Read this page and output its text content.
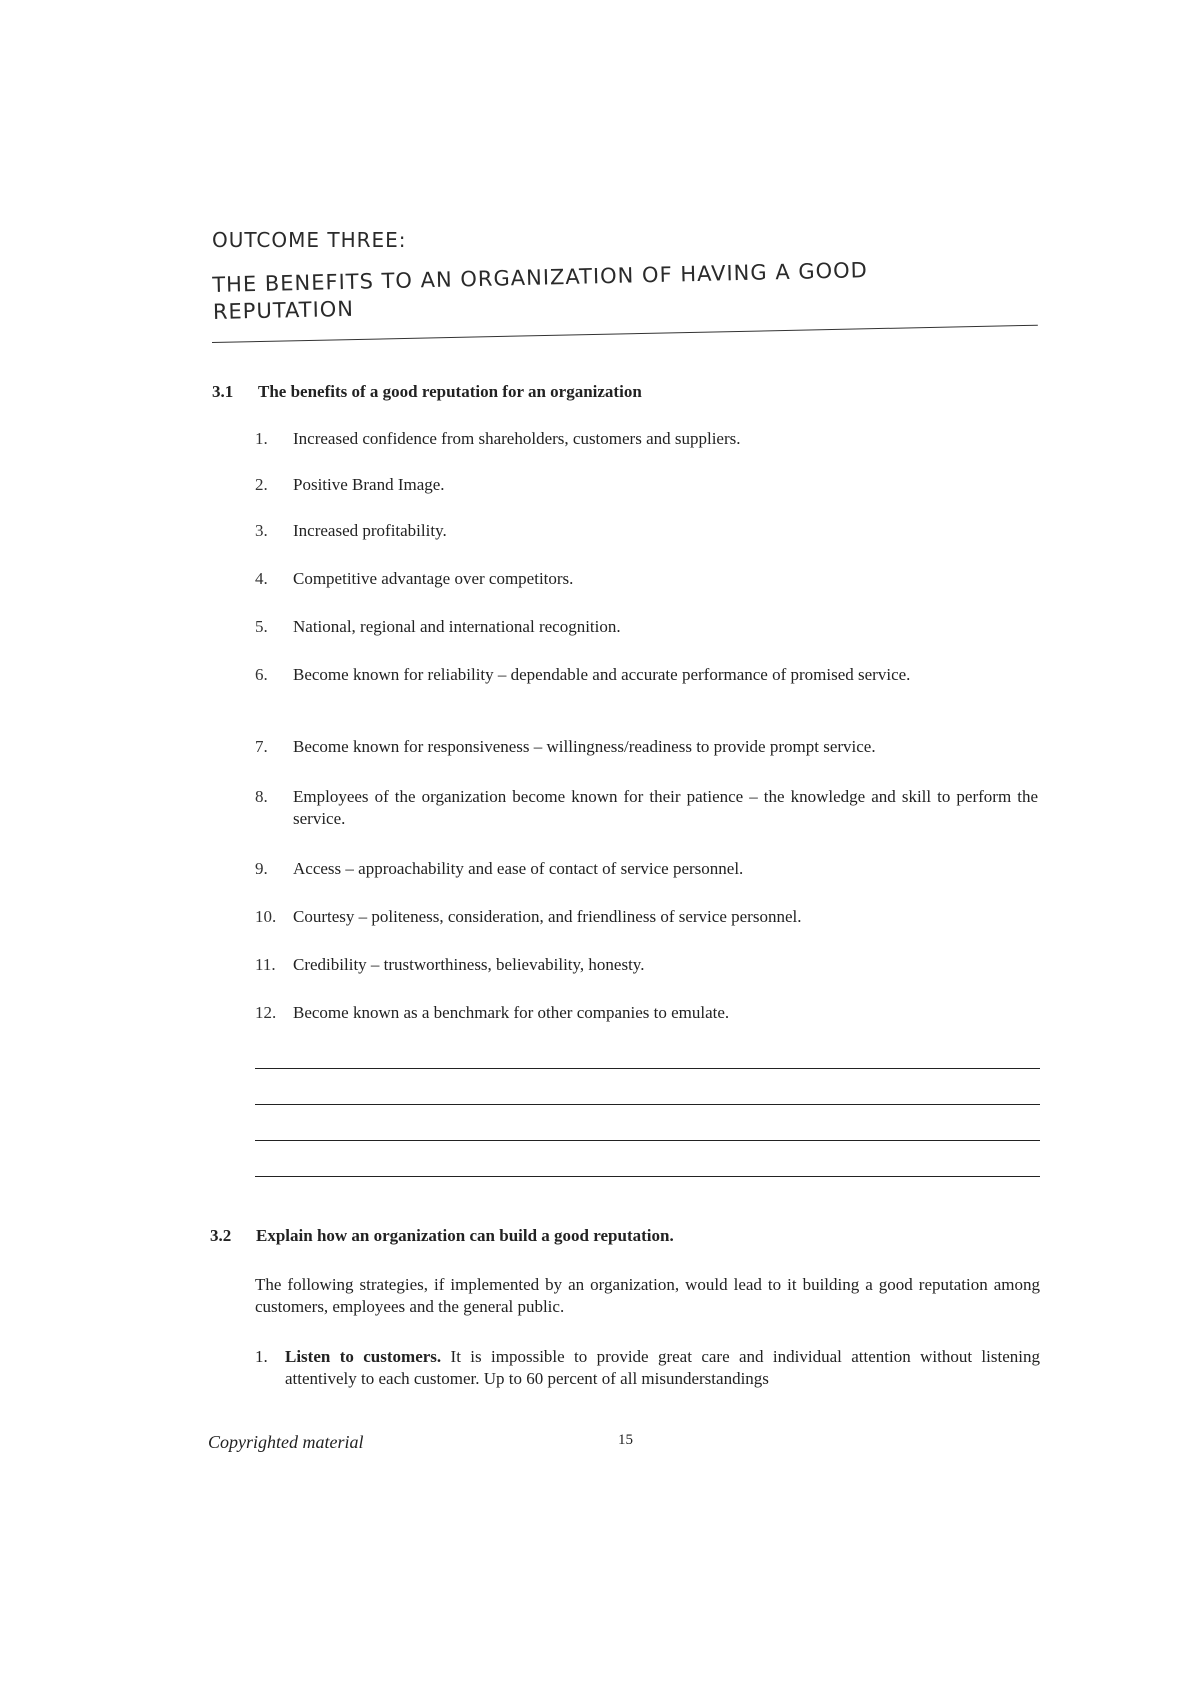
OUTCOME THREE:
THE BENEFITS TO AN ORGANIZATION OF HAVING A GOOD
REPUTATION
3.1 The benefits of a good reputation for an organization
1.	Increased confidence from shareholders, customers and suppliers.
2.	Positive Brand Image.
3.	Increased profitability.
4.	Competitive advantage over competitors.
5.	National, regional and international recognition.
6.	Become known for reliability – dependable and accurate performance of promised service.
7.	Become known for responsiveness – willingness/readiness to provide prompt service.
8.	Employees of the organization become known for their patience – the knowledge and skill to perform the service.
9.	Access – approachability and ease of contact of service personnel.
10. Courtesy – politeness, consideration, and friendliness of service personnel.
11.	Credibility – trustworthiness, believability, honesty.
12. Become known as a benchmark for other companies to emulate.
3.2 Explain how an organization can build a good reputation.
The following strategies, if implemented by an organization, would lead to it building a good reputation among customers, employees and the general public.
1. Listen to customers. It is impossible to provide great care and individual attention without listening attentively to each customer. Up to 60 percent of all misunderstandings
Copyrighted material	15
